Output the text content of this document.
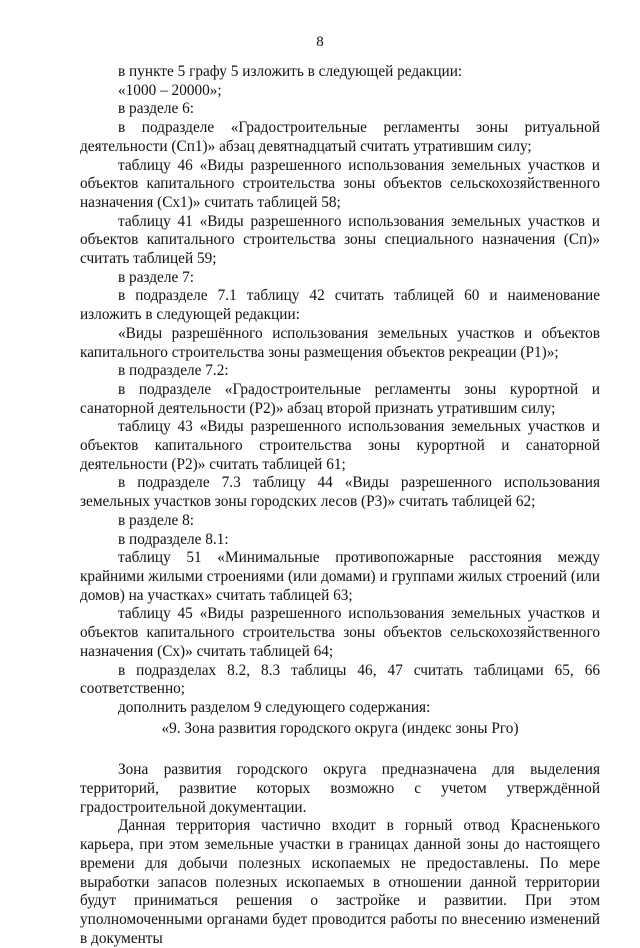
8

в пункте 5 графу 5 изложить в следующей редакции:

«1000 – 20000»;

в разделе 6:

в подразделе «Градостроительные регламенты зоны ритуальной деятельности (Сп1)» абзац девятнадцатый считать утратившим силу;

таблицу 46 «Виды разрешенного использования земельных участков и объектов капитального строительства зоны объектов сельскохозяйственного назначения (Сх1)» считать таблицей 58;

таблицу 41 «Виды разрешенного использования земельных участков и объектов капитального строительства зоны специального назначения (Сп)» считать таблицей 59;

в разделе 7:

в подразделе 7.1 таблицу 42 считать таблицей 60 и наименование изложить в следующей редакции:

«Виды разрешённого использования земельных участков и объектов капитального строительства зоны размещения объектов рекреации (Р1)»;

в подразделе 7.2:

в подразделе «Градостроительные регламенты зоны курортной и санаторной деятельности (Р2)» абзац второй признать утратившим силу;

таблицу 43 «Виды разрешенного использования земельных участков и объектов капитального строительства зоны курортной и санаторной деятельности (Р2)» считать таблицей 61;

в подразделе 7.3 таблицу 44 «Виды разрешенного использования земельных участков зоны городских лесов (Р3)» считать таблицей 62;

в разделе 8:

в подразделе 8.1:

таблицу 51 «Минимальные противопожарные расстояния между крайними жилыми строениями (или домами) и группами жилых строений (или домов) на участках» считать таблицей 63;

таблицу 45 «Виды разрешенного использования земельных участков и объектов капитального строительства зоны объектов сельскохозяйственного назначения (Сх)» считать таблицей 64;

в подразделах 8.2, 8.3 таблицы 46, 47 считать таблицами 65, 66 соответственно;

дополнить разделом 9 следующего содержания:

«9. Зона развития городского округа (индекс зоны Рго)

Зона развития городского округа предназначена для выделения территорий, развитие которых возможно с учетом утверждённой градостроительной документации.

Данная территория частично входит в горный отвод Красненького карьера, при этом земельные участки в границах данной зоны до настоящего времени для добычи полезных ископаемых не предоставлены. По мере выработки запасов полезных ископаемых в отношении данной территории будут приниматься решения о застройке и развитии. При этом уполномоченными органами будет проводится работы по внесению изменений в документы
